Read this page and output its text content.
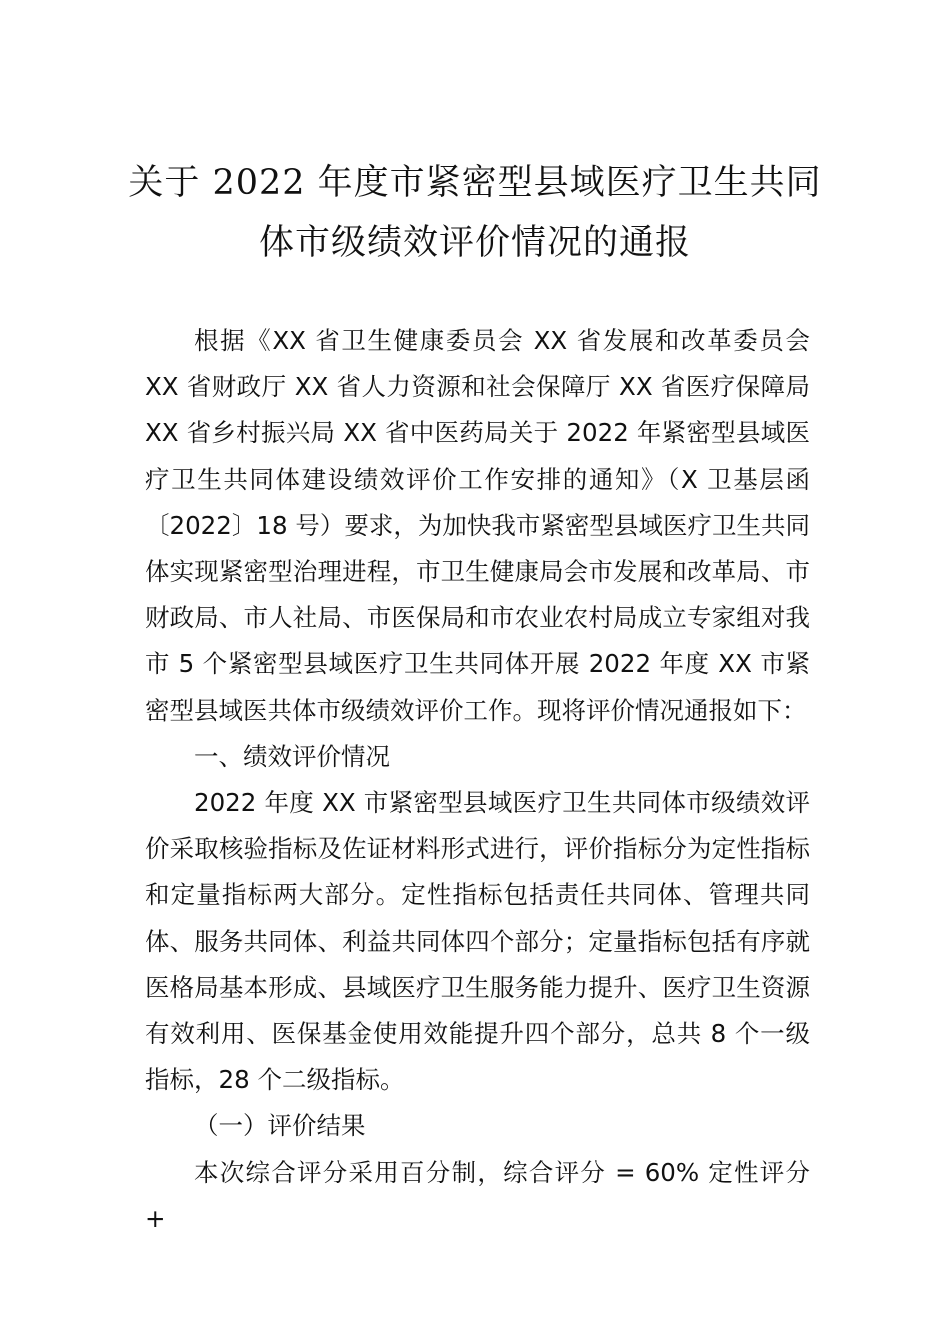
关于 2022 年度市紧密型县域医疗卫生共同
体市级绩效评价情况的通报

根据《XX 省卫生健康委员会 XX 省发展和改革委员会 XX 省财政厅 XX 省人力资源和社会保障厅 XX 省医疗保障局 XX 省乡村振兴局 XX 省中医药局关于 2022 年紧密型县域医疗卫生共同体建设绩效评价工作安排的通知》（X 卫基层函〔2022〕18 号）要求，为加快我市紧密型县域医疗卫生共同体实现紧密型治理进程，市卫生健康局会市发展和改革局、市财政局、市人社局、市医保局和市农业农村局成立专家组对我市 5 个紧密型县域医疗卫生共同体开展 2022 年度 XX 市紧密型县域医共体市级绩效评价工作。现将评价情况通报如下：

一、绩效评价情况

2022 年度 XX 市紧密型县域医疗卫生共同体市级绩效评价采取核验指标及佐证材料形式进行，评价指标分为定性指标和定量指标两大部分。定性指标包括责任共同体、管理共同体、服务共同体、利益共同体四个部分；定量指标包括有序就医格局基本形成、县域医疗卫生服务能力提升、医疗卫生资源有效利用、医保基金使用效能提升四个部分，总共 8 个一级指标，28 个二级指标。

（一）评价结果

本次综合评分采用百分制，综合评分 = 60% 定性评分 +
